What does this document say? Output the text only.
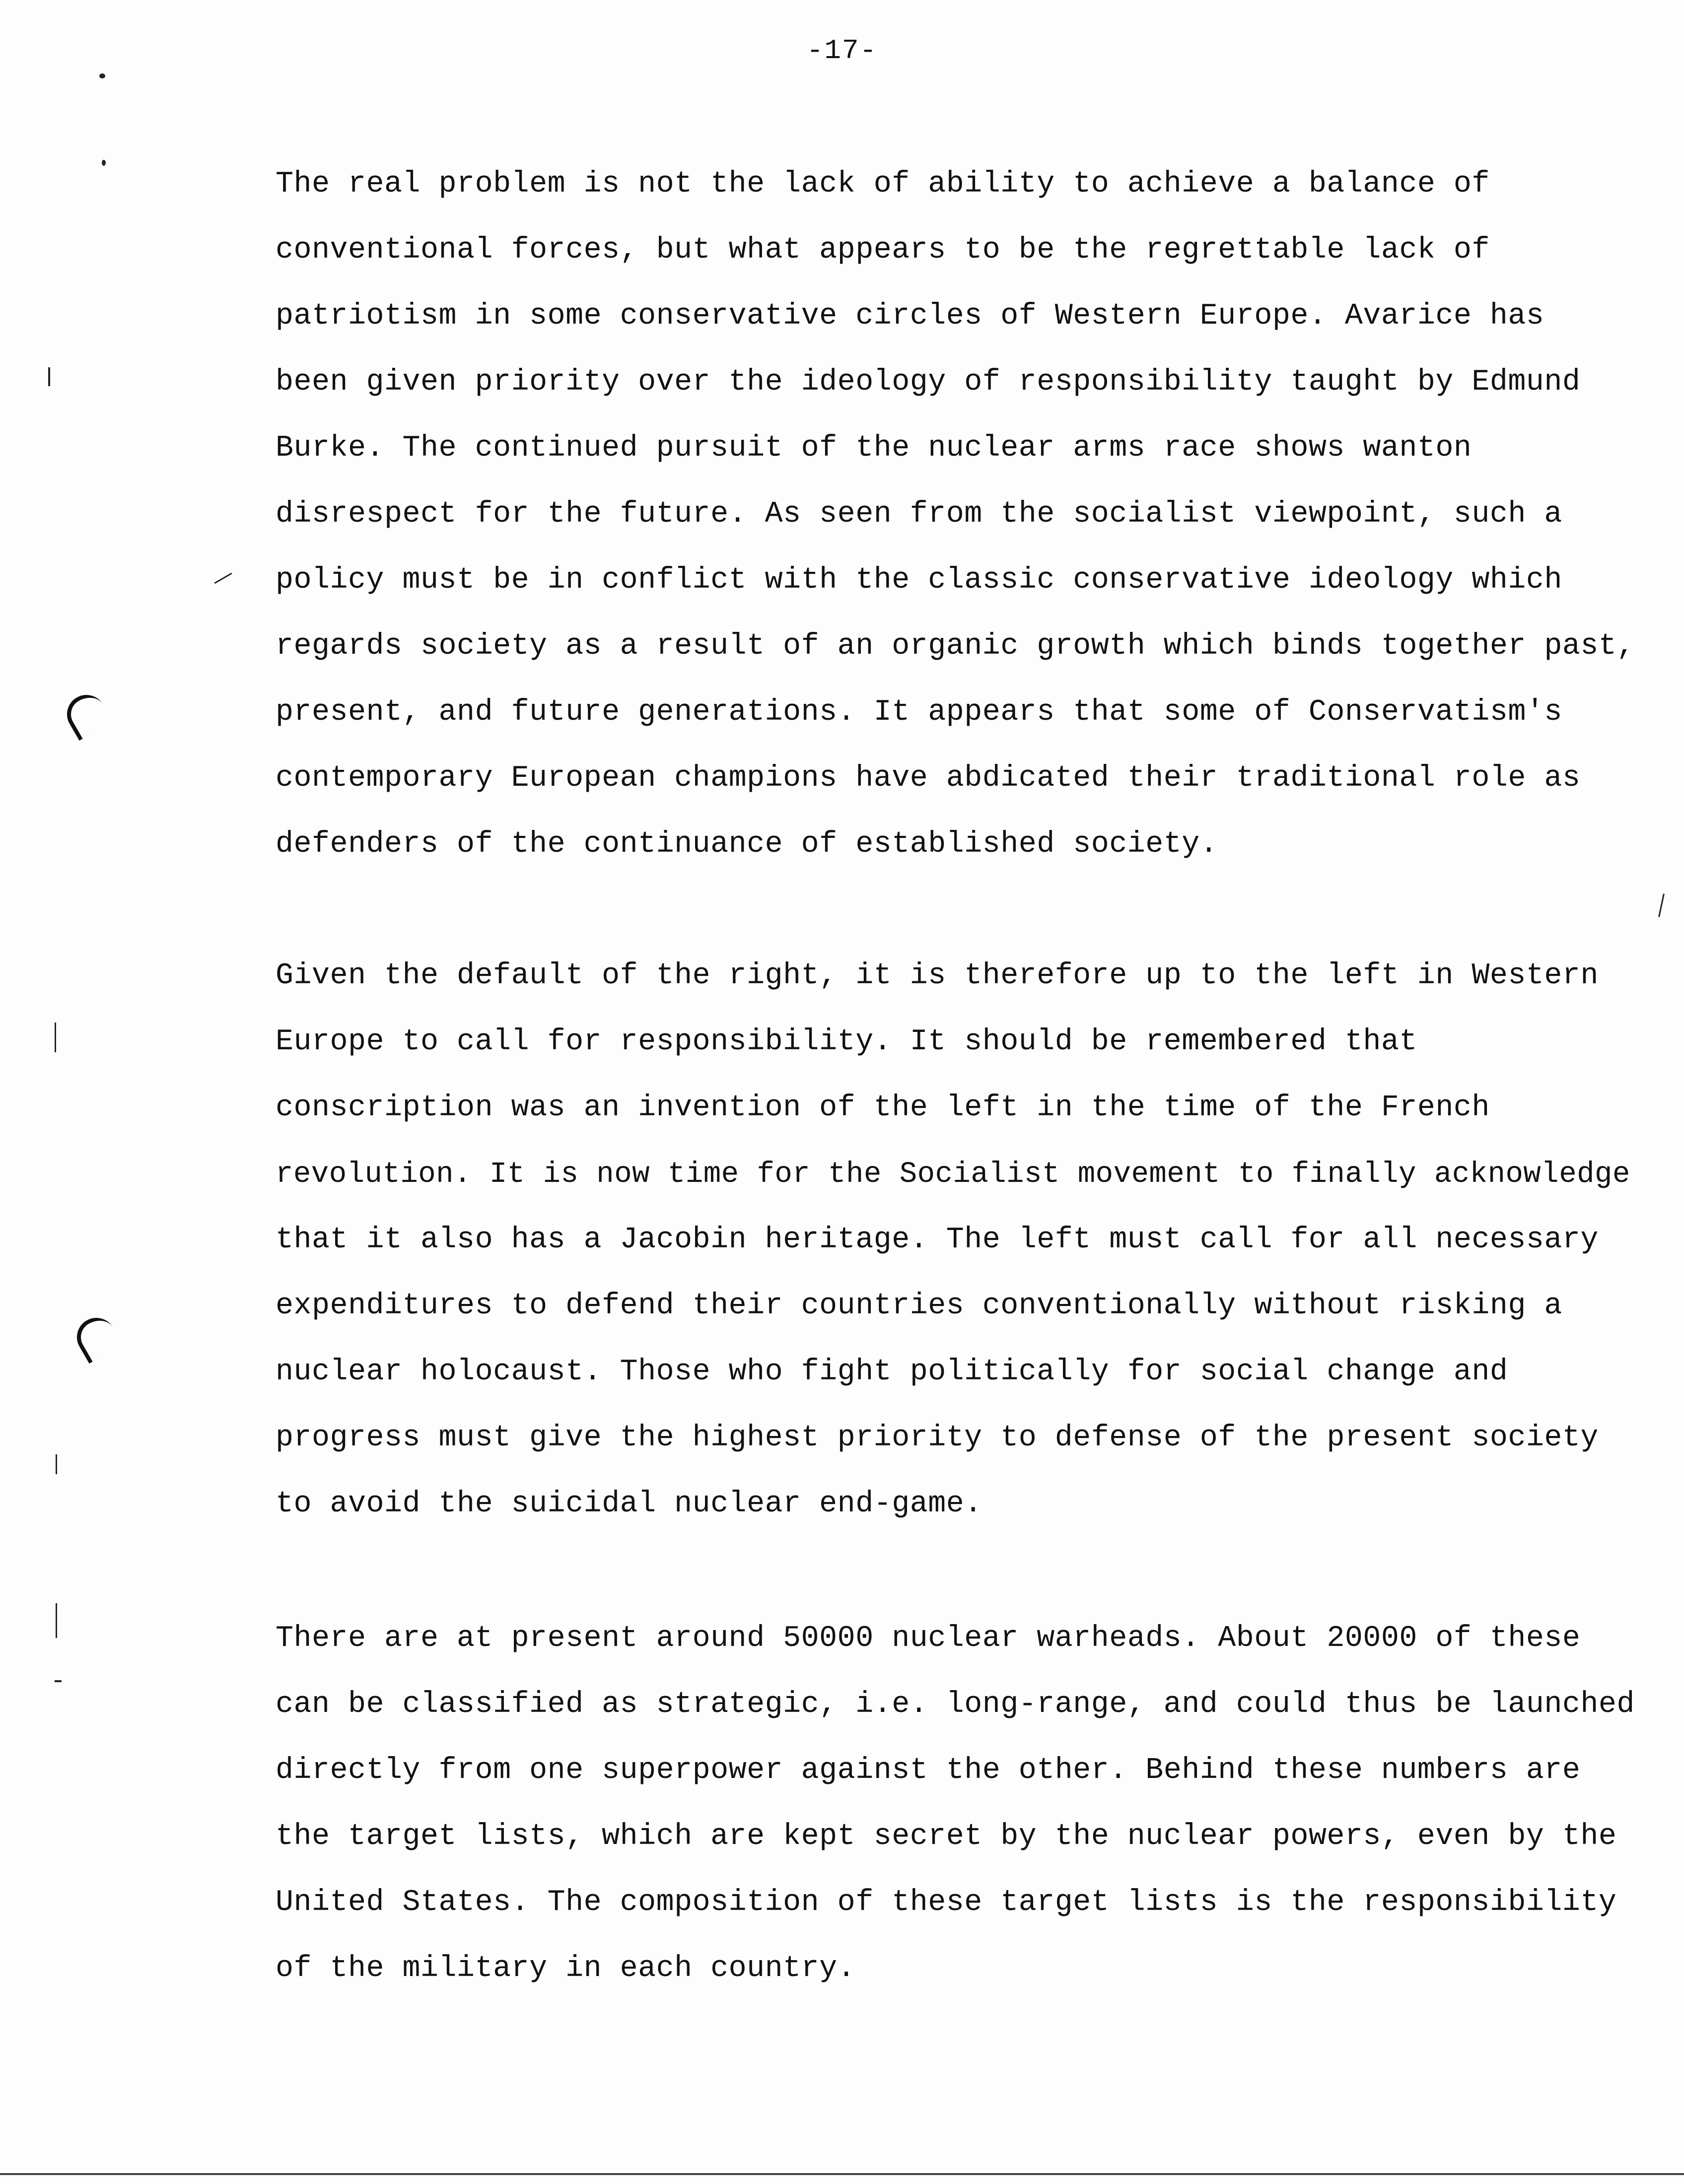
-17-
The real problem is not the lack of ability to achieve a balance of
conventional forces, but what appears to be the regrettable lack of
patriotism in some conservative circles of Western Europe. Avarice has
been given priority over the ideology of responsibility taught by Edmund
Burke. The continued pursuit of the nuclear arms race shows wanton
disrespect for the future. As seen from the socialist viewpoint, such a
policy must be in conflict with the classic conservative ideology which
regards society as a result of an organic growth which binds together past,
present, and future generations. It appears that some of Conservatism's
contemporary European champions have abdicated their traditional role as
defenders of the continuance of established society.
Given the default of the right, it is therefore up to the left in Western
Europe to call for responsibility. It should be remembered that
conscription was an invention of the left in the time of the French
revolution. It is now time for the Socialist movement to finally acknowledge
that it also has a Jacobin heritage. The left must call for all necessary
expenditures to defend their countries conventionally without risking a
nuclear holocaust. Those who fight politically for social change and
progress must give the highest priority to defense of the present society
to avoid the suicidal nuclear end-game.
There are at present around 50000 nuclear warheads. About 20000 of these
can be classified as strategic, i.e. long-range, and could thus be launched
directly from one superpower against the other. Behind these numbers are
the target lists, which are kept secret by the nuclear powers, even by the
United States. The composition of these target lists is the responsibility
of the military in each country.
